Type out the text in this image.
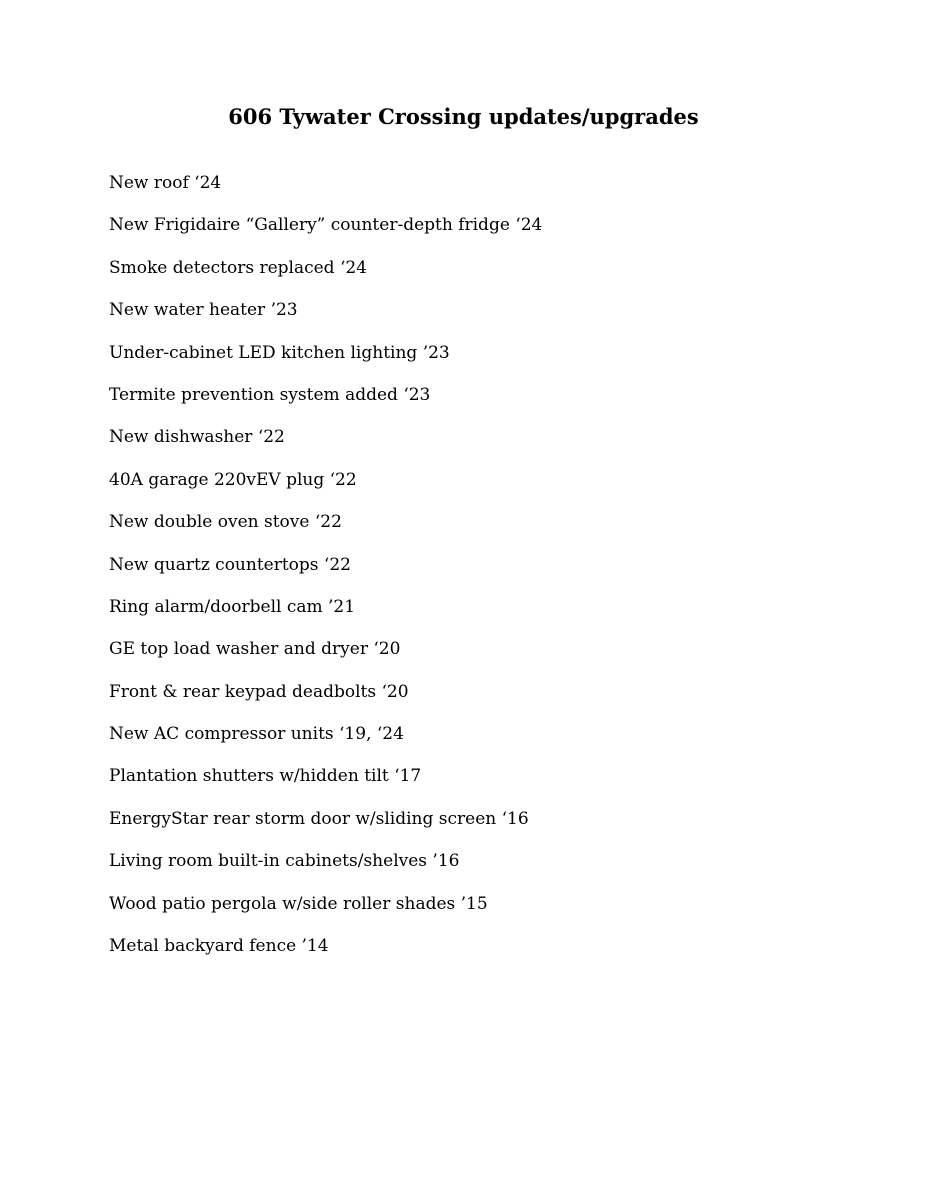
606 Tywater Crossing updates/upgrades
New roof ‘24
New Frigidaire “Gallery” counter-depth fridge ‘24
Smoke detectors replaced ‘24
New water heater ’23
Under-cabinet LED kitchen lighting ’23
Termite prevention system added ‘23
New dishwasher ‘22
40A garage 220vEV plug ‘22
New double oven stove ‘22
New quartz countertops ‘22
Ring alarm/doorbell cam ’21
GE top load washer and dryer ‘20
Front & rear keypad deadbolts ‘20
New AC compressor units ‘19, ‘24
Plantation shutters w/hidden tilt ‘17
EnergyStar rear storm door w/sliding screen ‘16
Living room built-in cabinets/shelves ’16
Wood patio pergola w/side roller shades ’15
Metal backyard fence ’14
